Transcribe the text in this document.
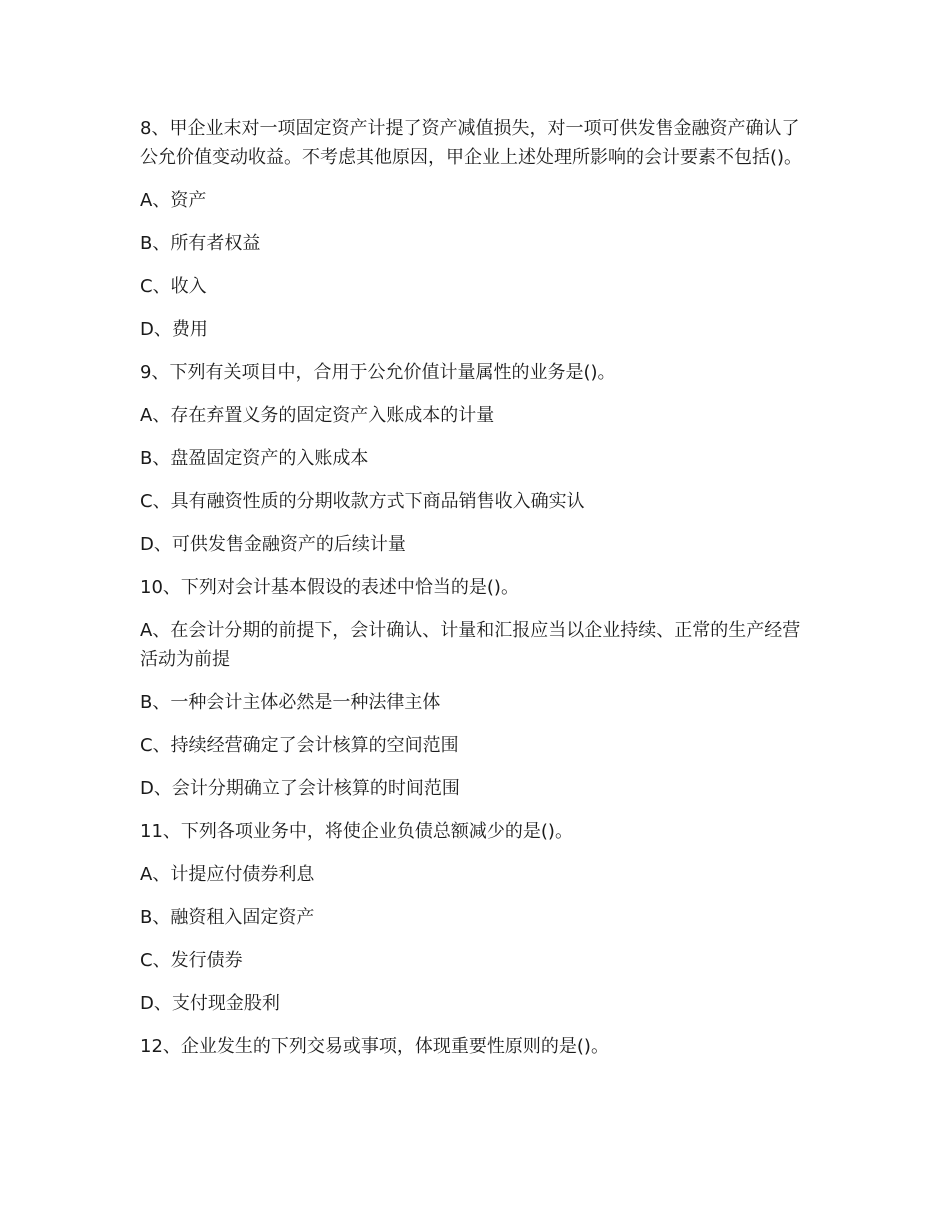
8、甲企业末对一项固定资产计提了资产减值损失，对一项可供发售金融资产确认了公允价值变动收益。不考虑其他原因，甲企业上述处理所影响的会计要素不包括()。

A、资产

B、所有者权益

C、收入

D、费用

9、下列有关项目中，合用于公允价值计量属性的业务是()。

A、存在弃置义务的固定资产入账成本的计量

B、盘盈固定资产的入账成本

C、具有融资性质的分期收款方式下商品销售收入确实认

D、可供发售金融资产的后续计量

10、下列对会计基本假设的表述中恰当的是()。

A、在会计分期的前提下，会计确认、计量和汇报应当以企业持续、正常的生产经营活动为前提

B、一种会计主体必然是一种法律主体

C、持续经营确定了会计核算的空间范围

D、会计分期确立了会计核算的时间范围

11、下列各项业务中，将使企业负债总额减少的是()。

A、计提应付债券利息

B、融资租入固定资产

C、发行债券

D、支付现金股利

12、企业发生的下列交易或事项，体现重要性原则的是()。
